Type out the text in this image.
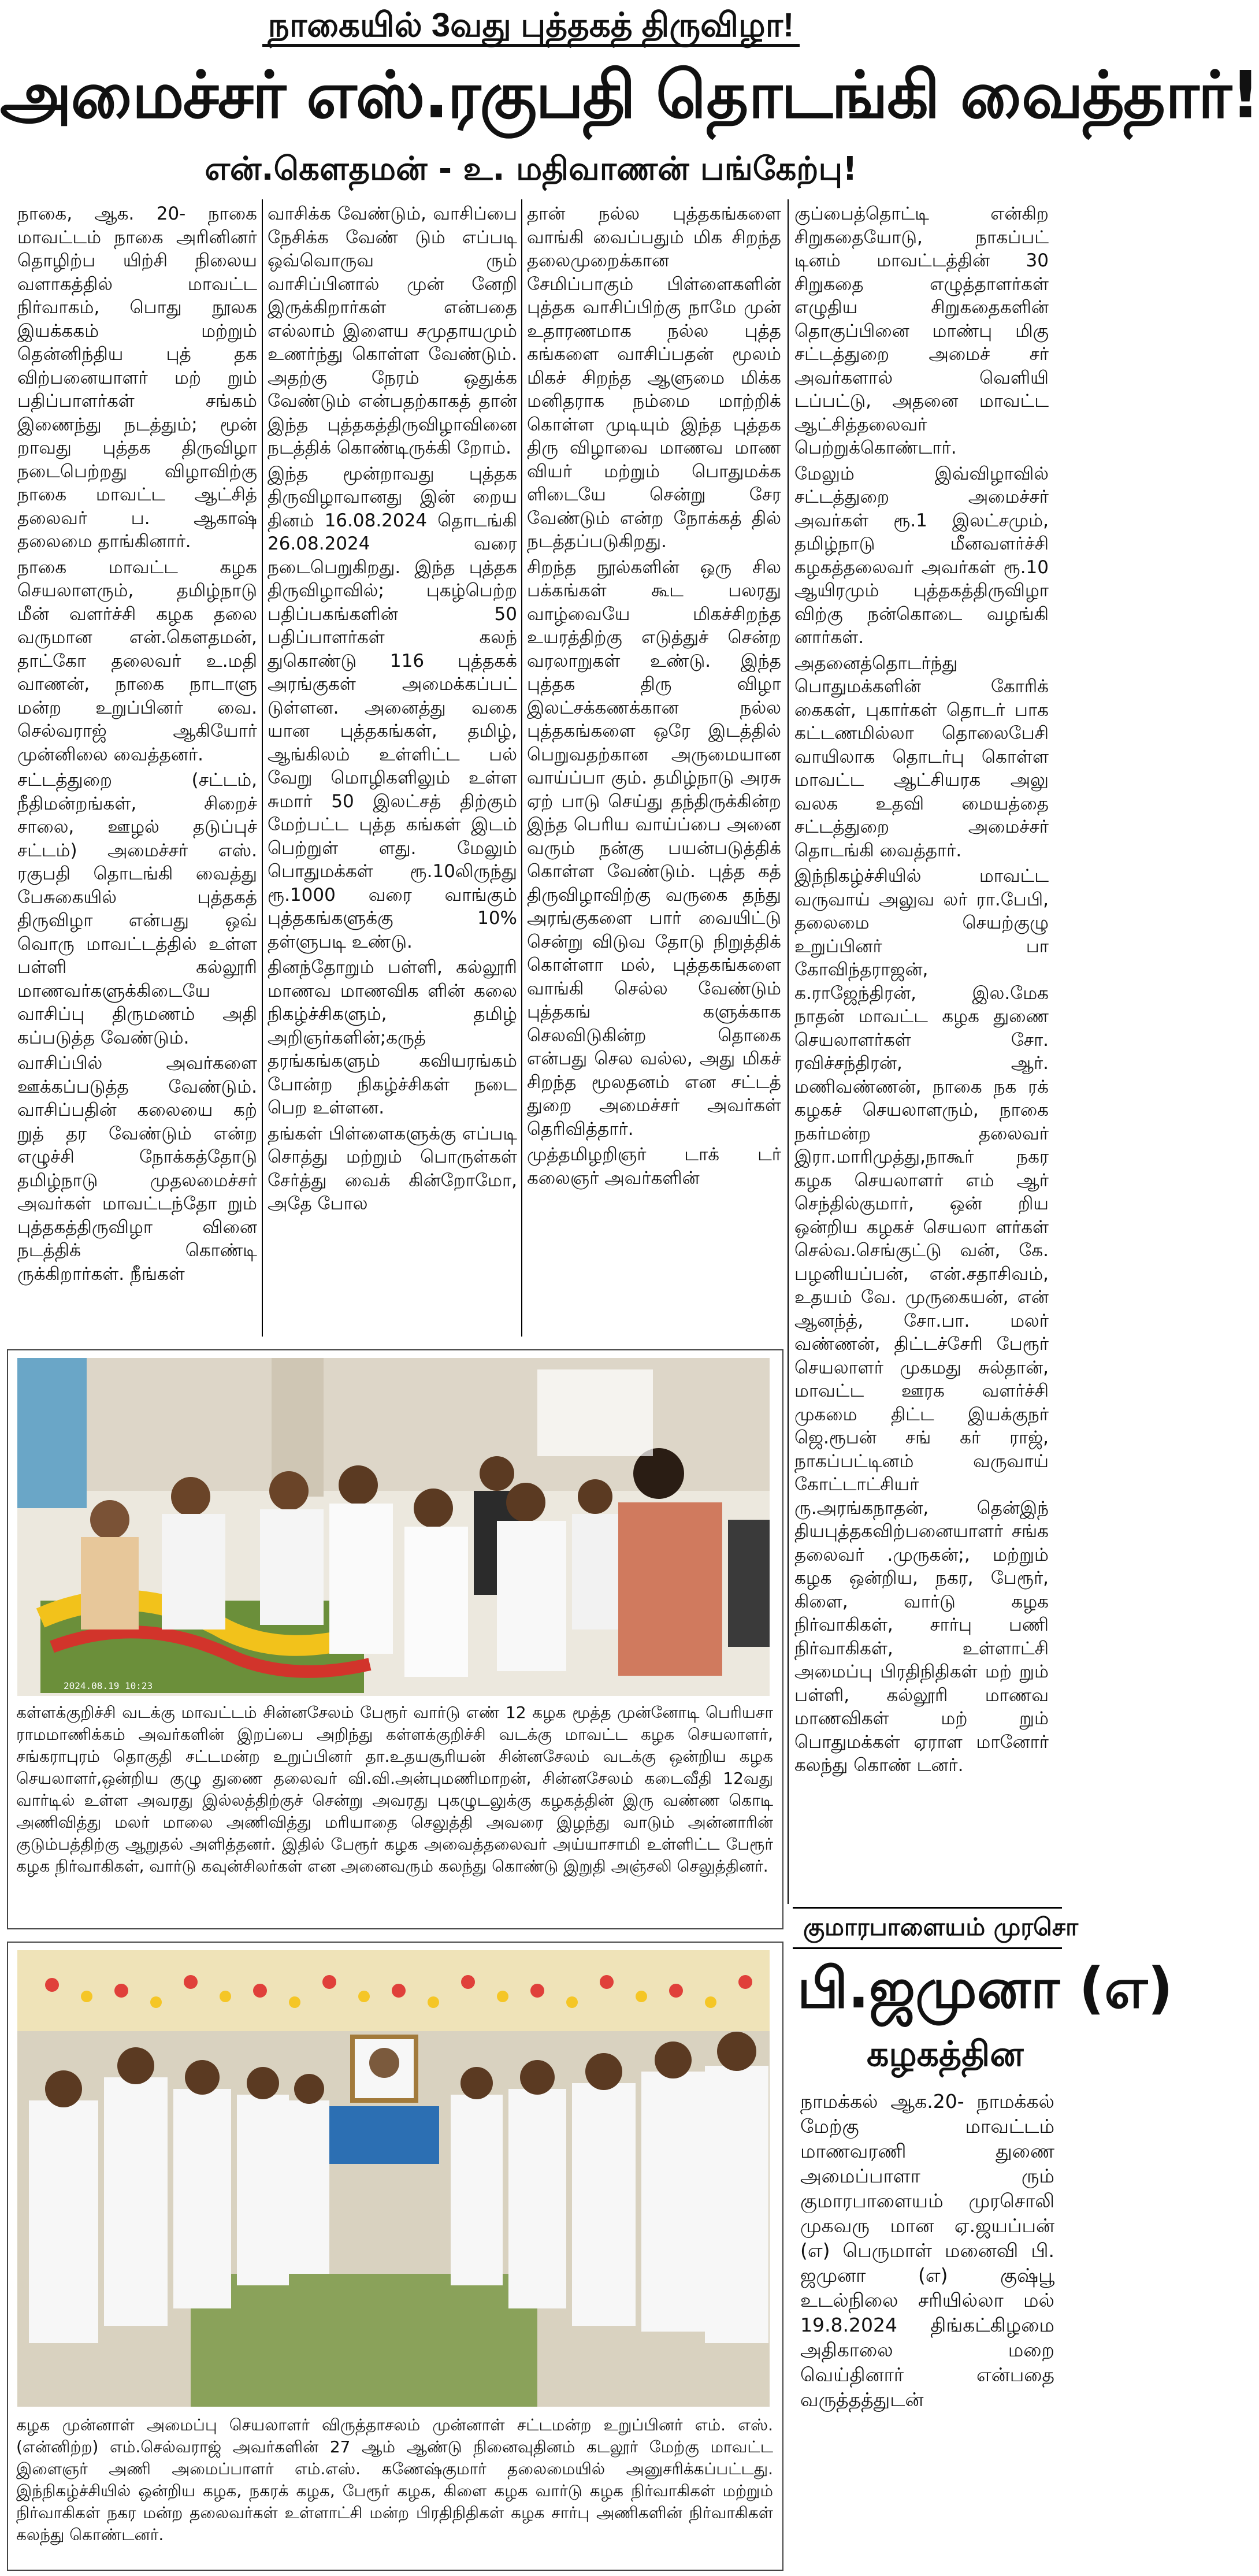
நாகையில் 3வது புத்தகத் திருவிழா!
அமைச்சர் எஸ்.ரகுபதி தொடங்கி வைத்தார்!
என்.கௌதமன் - உ. மதிவாணன் பங்கேற்பு!

நாகை, ஆக. 20- நாகை மாவட்டம் நாகை அரினினர் தொழிற்ப யிற்சி நிலைய வளாகத்தில் மாவட்ட நிர்வாகம், பொது நூலக இயக்ககம் மற்றும் தென்னிந்திய புத் தக விற்பனையாளர் மற் றும் பதிப்பாளர்கள் சங்கம் இணைந்து நடத்தும்; மூன் றாவது புத்தக திருவிழா நடைபெற்றது விழாவிற்கு நாகை மாவட்ட ஆட்சித் தலைவர் ப. ஆகாஷ் தலைமை தாங்கினார்.

நாகை மாவட்ட கழக செயலாளரும், தமிழ்நாடு மீன் வளர்ச்சி கழக தலை வருமான என்.கௌதமன், தாட்கோ தலைவர் உ.மதி வாணன், நாகை நாடாளு மன்ற உறுப்பினர் வை. செல்வராஜ் ஆகியோர் முன்னிலை வைத்தனர்.

சட்டத்துறை (சட்டம், நீதிமன்றங்கள், சிறைச் சாலை, ஊழல் தடுப்புச் சட்டம்) அமைச்சர் எஸ். ரகுபதி தொடங்கி வைத்து பேசுகையில் புத்தகத் திருவிழா என்பது ஒவ் வொரு மாவட்டத்தில் உள்ள பள்ளி கல்லூரி மாணவர்களுக்கிடையே வாசிப்பு திருமணம் அதி கப்படுத்த வேண்டும்.

வாசிப்பில் அவர்களை ஊக்கப்படுத்த வேண்டும். வாசிப்பதின் கலையை கற் றுத் தர வேண்டும் என்ற எழுச்சி நோக்கத்தோடு தமிழ்நாடு முதலமைச்சர் அவர்கள் மாவட்டந்தோ றும் புத்தகத்திருவிழா வினை நடத்திக் கொண்டி ருக்கிறார்கள். நீங்கள்

வாசிக்க வேண்டும், வாசிப்பை நேசிக்க வேண் டும் எப்படி ஒவ்வொருவ ரும் வாசிப்பினால் முன் னேறி இருக்கிறார்கள் என்பதை எல்லாம் இளைய சமுதாயமும் உணர்ந்து கொள்ள வேண்டும். அதற்கு நேரம் ஒதுக்க வேண்டும் என்பதற்காகத் தான் இந்த புத்தகத்திருவிழாவினை நடத்திக் கொண்டிருக்கி றோம்.

இந்த மூன்றாவது புத்தக திருவிழாவானது இன் றைய தினம் 16.08.2024 தொடங்கி 26.08.2024 வரை நடைபெறுகிறது. இந்த புத்தக திருவிழாவில்; புகழ்பெற்ற பதிப்பகங்களின் 50 பதிப்பாளர்கள் கலந் துகொண்டு 116 புத்தகக் அரங்குகள் அமைக்கப்பட் டுள்ளன. அனைத்து வகை யான புத்தகங்கள், தமிழ், ஆங்கிலம் உள்ளிட்ட பல் வேறு மொழிகளிலும் உள்ள சுமார் 50 இலட்சத் திற்கும் மேற்பட்ட புத்த கங்கள் இடம் பெற்றுள் ளது. மேலும் பொதுமக்கள் ரூ.10லிருந்து ரூ.1000 வரை வாங்கும் புத்தகங்களுக்கு 10% தள்ளுபடி உண்டு.

தினந்தோறும் பள்ளி, கல்லூரி மாணவ மாணவிக ளின் கலை நிகழ்ச்சிகளும், தமிழ் அறிஞர்களின்;கருத் தரங்கங்களும் கவியரங்கம் போன்ற நிகழ்ச்சிகள் நடை பெற உள்ளன.

தங்கள் பிள்ளைகளுக்கு எப்படி சொத்து மற்றும் பொருள்கள் சேர்த்து வைக் கின்றோமோ, அதே போல

தான் நல்ல புத்தகங்களை வாங்கி வைப்பதும் மிக சிறந்த தலைமுறைக்கான சேமிப்பாகும் பிள்ளைகளின் புத்தக வாசிப்பிற்கு நாமே முன் உதாரணமாக நல்ல புத்த கங்களை வாசிப்பதன் மூலம் மிகச் சிறந்த ஆளுமை மிக்க மனிதராக நம்மை மாற்றிக் கொள்ள முடியும் இந்த புத்தக திரு விழாவை மாணவ மாண வியர் மற்றும் பொதுமக்க ளிடையே சென்று சேர வேண்டும் என்ற நோக்கத் தில் நடத்தப்படுகிறது.

சிறந்த நூல்களின் ஒரு சில பக்கங்கள் கூட பலரது வாழ்வையே மிகச்சிறந்த உயரத்திற்கு எடுத்துச் சென்ற வரலாறுகள் உண்டு. இந்த புத்தக திரு விழா இலட்சக்கணக்கான நல்ல புத்தகங்களை ஒரே இடத்தில் பெறுவதற்கான அருமையான வாய்ப்பா கும். தமிழ்நாடு அரசு ஏற் பாடு செய்து தந்திருக்கின்ற இந்த பெரிய வாய்ப்பை அனை வரும் நன்கு பயன்படுத்திக் கொள்ள வேண்டும். புத்த கத் திருவிழாவிற்கு வருகை தந்து அரங்குகளை பார் வையிட்டு சென்று விடுவ தோடு நிறுத்திக் கொள்ளா மல், புத்தகங்களை வாங்கி செல்ல வேண்டும் புத்தகங் களுக்காக செலவிடுகின்ற தொகை என்பது செல வல்ல, அது மிகச் சிறந்த மூலதனம் என சட்டத் துறை அமைச்சர் அவர்கள் தெரிவித்தார்.

முத்தமிழறிஞர் டாக் டர் கலைஞர் அவர்களின்

குப்பைத்தொட்டி என்கிற சிறுகதையோடு, நாகப்பட் டினம் மாவட்டத்தின் 30 சிறுகதை எழுத்தாளர்கள் எழுதிய சிறுகதைகளின் தொகுப்பினை மாண்பு மிகு சட்டத்துறை அமைச் சர் அவர்களால் வெளியி டப்பட்டு, அதனை மாவட்ட ஆட்சித்தலைவர் பெற்றுக்கொண்டார்.

மேலும் இவ்விழாவில் சட்டத்துறை அமைச்சர் அவர்கள் ரூ.1 இலட்சமும், தமிழ்நாடு மீனவளர்ச்சி கழகத்தலைவர் அவர்கள் ரூ.10 ஆயிரமும் புத்தகத்திருவிழா விற்கு நன்கொடை வழங்கி னார்கள்.

அதனைத்தொடர்ந்து பொதுமக்களின் கோரிக் கைகள், புகார்கள் தொடர் பாக கட்டணமில்லா தொலைபேசி வாயிலாக தொடர்பு கொள்ள மாவட்ட ஆட்சியரக அலு வலக உதவி மையத்தை சட்டத்துறை அமைச்சர் தொடங்கி வைத்தார்.

இந்நிகழ்ச்சியில் மாவட்ட வருவாய் அலுவ லர் ரா.பேபி, தலைமை செயற்குழு உறுப்பினர் பா கோவிந்தராஜன், க.ராஜேந்திரன், இல.மேக நாதன் மாவட்ட கழக துணை செயலாளர்கள் சோ. ரவிச்சந்திரன், ஆர். மணிவண்ணன், நாகை நக ரக் கழகச் செயலாளரும், நாகை நகர்மன்ற தலைவர் இரா.மாரிமுத்து,நாகூர் நகர கழக செயலாளர் எம் ஆர் செந்தில்குமார், ஒன் றிய ஒன்றிய கழகச் செயலா ளர்கள் செல்வ.செங்குட்டு வன், கே. பழனியப்பன், என்.சதாசிவம், உதயம் வே. முருகையன், என் ஆனந்த், சோ.பா. மலர் வண்ணன், திட்டச்சேரி பேரூர் செயலாளர் முகமது சுல்தான், மாவட்ட ஊரக வளர்ச்சி முகமை திட்ட இயக்குநர் ஜெ.ரூபன் சங் கர் ராஜ், நாகப்பட்டினம் வருவாய் கோட்டாட்சியர் ரு.அரங்கநாதன், தென்இந் தியபுத்தகவிற்பனையாளர் சங்க தலைவர் .முருகன்;, மற்றும் கழக ஒன்றிய, நகர, பேரூர், கிளை, வார்டு கழக நிர்வாகிகள், சார்பு பணி நிர்வாகிகள், உள்ளாட்சி அமைப்பு பிரதிநிதிகள் மற் றும் பள்ளி, கல்லூரி மாணவ மாணவிகள் மற் றும் பொதுமக்கள் ஏராள மானோர் கலந்து கொண் டனர்.

2024.08.19 10:23
கள்ளக்குறிச்சி வடக்கு மாவட்டம் சின்னசேலம் பேரூர் வார்டு எண் 12 கழக மூத்த முன்னோடி பெரியசா ராமமாணிக்கம் அவர்களின் இறப்பை அறிந்து கள்ளக்குறிச்சி வடக்கு மாவட்ட கழக செயலாளர், சங்கராபுரம் தொகுதி சட்டமன்ற உறுப்பினர் தா.உதயசூரியன் சின்னசேலம் வடக்கு ஒன்றிய கழக செயலாளர்,ஒன்றிய குழு துணை தலைவர் வி.வி.அன்புமணிமாறன், சின்னசேலம் கடைவீதி 12வது வார்டில் உள்ள அவரது இல்லத்திற்குச் சென்று அவரது புகழுடலுக்கு கழகத்தின் இரு வண்ண கொடி அணிவித்து மலர் மாலை அணிவித்து மரியாதை செலுத்தி அவரை இழந்து வாடும் அன்னாரின் குடும்பத்திற்கு ஆறுதல் அளித்தனர். இதில் பேரூர் கழக அவைத்தலைவர் அய்யாசாமி உள்ளிட்ட பேரூர் கழக நிர்வாகிகள், வார்டு கவுன்சிலர்கள் என அனைவரும் கலந்து கொண்டு இறுதி அஞ்சலி செலுத்தினர்.
கழக முன்னாள் அமைப்பு செயலாளர் விருத்தாசலம் முன்னாள் சட்டமன்ற உறுப்பினர் எம். எஸ். (என்னிற்ற) எம்.செல்வராஜ் அவர்களின் 27 ஆம் ஆண்டு நினைவுதினம் கடலூர் மேற்கு மாவட்ட இளைஞர் அணி அமைப்பாளர் எம்.எஸ். கணேஷ்குமார் தலைமையில் அனுசரிக்கப்பட்டது. இந்நிகழ்ச்சியில் ஒன்றிய கழக, நகரக் கழக, பேரூர் கழக, கிளை கழக வார்டு கழக நிர்வாகிகள் மற்றும் நிர்வாகிகள் நகர மன்ற தலைவர்கள் உள்ளாட்சி மன்ற பிரதிநிதிகள் கழக சார்பு அணிகளின் நிர்வாகிகள் கலந்து கொண்டனர்.
குமாரபாளையம் முரசொ
பி.ஜமுனா (எ)
கழகத்தின

நாமக்கல் ஆக.20- நாமக்கல் மேற்கு மாவட்டம் மாணவரணி துணை அமைப்பாளா ரும் குமாரபாளையம் முரசொலி முகவரு மான ஏ.ஜயப்பன் (எ) பெருமாள் மனைவி பி. ஜமுனா (எ) குஷ்பூ உடல்நிலை சரியில்லா மல் 19.8.2024 திங்கட்கிழமை அதிகாலை மறை வெய்தினார் என்பதை வருத்தத்துடன்
